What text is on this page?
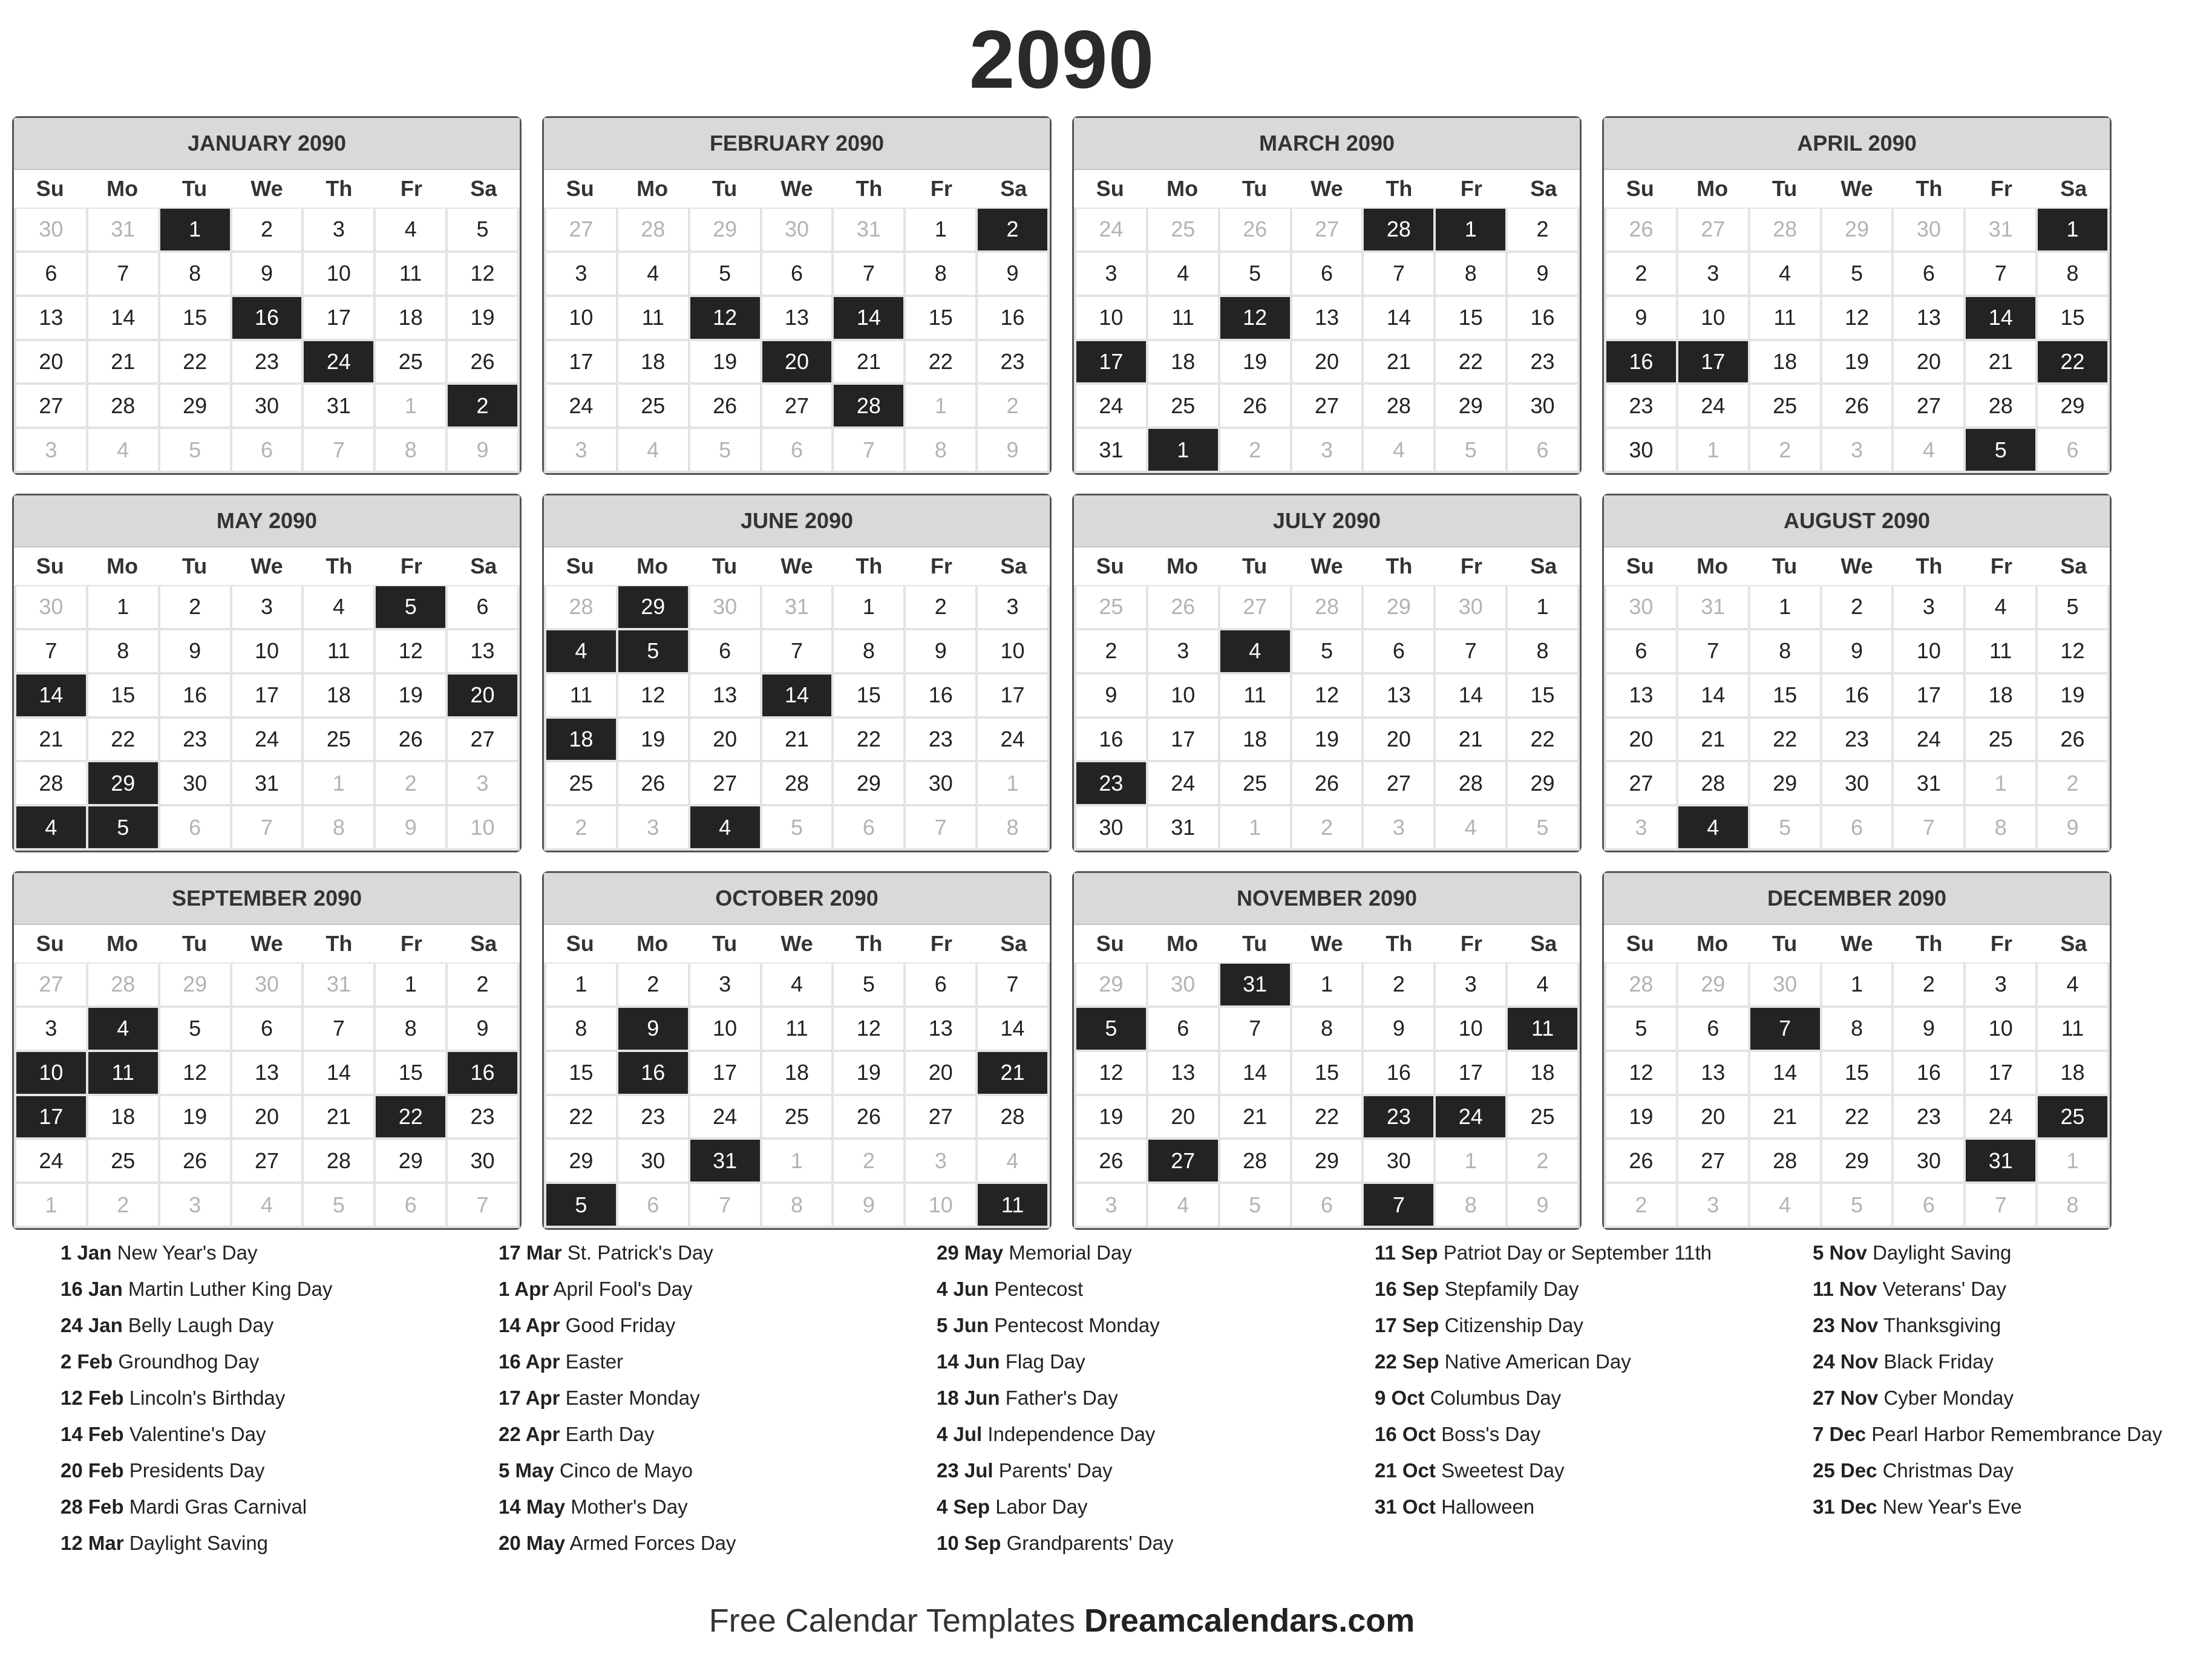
2090
JANUARY 2090
Su	Mo	Tu	We	Th	Fr	Sa
30	31	1	2	3	4	5
6	7	8	9	10	11	12
13	14	15	16	17	18	19
20	21	22	23	24	25	26
27	28	29	30	31	1	2
3	4	5	6	7	8	9
FEBRUARY 2090
Su	Mo	Tu	We	Th	Fr	Sa
27	28	29	30	31	1	2
3	4	5	6	7	8	9
10	11	12	13	14	15	16
17	18	19	20	21	22	23
24	25	26	27	28	1	2
3	4	5	6	7	8	9
MARCH 2090
Su	Mo	Tu	We	Th	Fr	Sa
24	25	26	27	28	1	2
3	4	5	6	7	8	9
10	11	12	13	14	15	16
17	18	19	20	21	22	23
24	25	26	27	28	29	30
31	1	2	3	4	5	6
APRIL 2090
Su	Mo	Tu	We	Th	Fr	Sa
26	27	28	29	30	31	1
2	3	4	5	6	7	8
9	10	11	12	13	14	15
16	17	18	19	20	21	22
23	24	25	26	27	28	29
30	1	2	3	4	5	6
MAY 2090
Su	Mo	Tu	We	Th	Fr	Sa
30	1	2	3	4	5	6
7	8	9	10	11	12	13
14	15	16	17	18	19	20
21	22	23	24	25	26	27
28	29	30	31	1	2	3
4	5	6	7	8	9	10
JUNE 2090
Su	Mo	Tu	We	Th	Fr	Sa
28	29	30	31	1	2	3
4	5	6	7	8	9	10
11	12	13	14	15	16	17
18	19	20	21	22	23	24
25	26	27	28	29	30	1
2	3	4	5	6	7	8
JULY 2090
Su	Mo	Tu	We	Th	Fr	Sa
25	26	27	28	29	30	1
2	3	4	5	6	7	8
9	10	11	12	13	14	15
16	17	18	19	20	21	22
23	24	25	26	27	28	29
30	31	1	2	3	4	5
AUGUST 2090
Su	Mo	Tu	We	Th	Fr	Sa
30	31	1	2	3	4	5
6	7	8	9	10	11	12
13	14	15	16	17	18	19
20	21	22	23	24	25	26
27	28	29	30	31	1	2
3	4	5	6	7	8	9
SEPTEMBER 2090
Su	Mo	Tu	We	Th	Fr	Sa
27	28	29	30	31	1	2
3	4	5	6	7	8	9
10	11	12	13	14	15	16
17	18	19	20	21	22	23
24	25	26	27	28	29	30
1	2	3	4	5	6	7
OCTOBER 2090
Su	Mo	Tu	We	Th	Fr	Sa
1	2	3	4	5	6	7
8	9	10	11	12	13	14
15	16	17	18	19	20	21
22	23	24	25	26	27	28
29	30	31	1	2	3	4
5	6	7	8	9	10	11
NOVEMBER 2090
Su	Mo	Tu	We	Th	Fr	Sa
29	30	31	1	2	3	4
5	6	7	8	9	10	11
12	13	14	15	16	17	18
19	20	21	22	23	24	25
26	27	28	29	30	1	2
3	4	5	6	7	8	9
DECEMBER 2090
Su	Mo	Tu	We	Th	Fr	Sa
28	29	30	1	2	3	4
5	6	7	8	9	10	11
12	13	14	15	16	17	18
19	20	21	22	23	24	25
26	27	28	29	30	31	1
2	3	4	5	6	7	8
1 Jan New Year's Day
16 Jan Martin Luther King Day
24 Jan Belly Laugh Day
2 Feb Groundhog Day
12 Feb Lincoln's Birthday
14 Feb Valentine's Day
20 Feb Presidents Day
28 Feb Mardi Gras Carnival
12 Mar Daylight Saving
17 Mar St. Patrick's Day
1 Apr April Fool's Day
14 Apr Good Friday
16 Apr Easter
17 Apr Easter Monday
22 Apr Earth Day
5 May Cinco de Mayo
14 May Mother's Day
20 May Armed Forces Day
29 May Memorial Day
4 Jun Pentecost
5 Jun Pentecost Monday
14 Jun Flag Day
18 Jun Father's Day
4 Jul Independence Day
23 Jul Parents' Day
4 Sep Labor Day
10 Sep Grandparents' Day
11 Sep Patriot Day or September 11th
16 Sep Stepfamily Day
17 Sep Citizenship Day
22 Sep Native American Day
9 Oct Columbus Day
16 Oct Boss's Day
21 Oct Sweetest Day
31 Oct Halloween
5 Nov Daylight Saving
11 Nov Veterans' Day
23 Nov Thanksgiving
24 Nov Black Friday
27 Nov Cyber Monday
7 Dec Pearl Harbor Remembrance Day
25 Dec Christmas Day
31 Dec New Year's Eve
Free Calendar Templates Dreamcalendars.com
